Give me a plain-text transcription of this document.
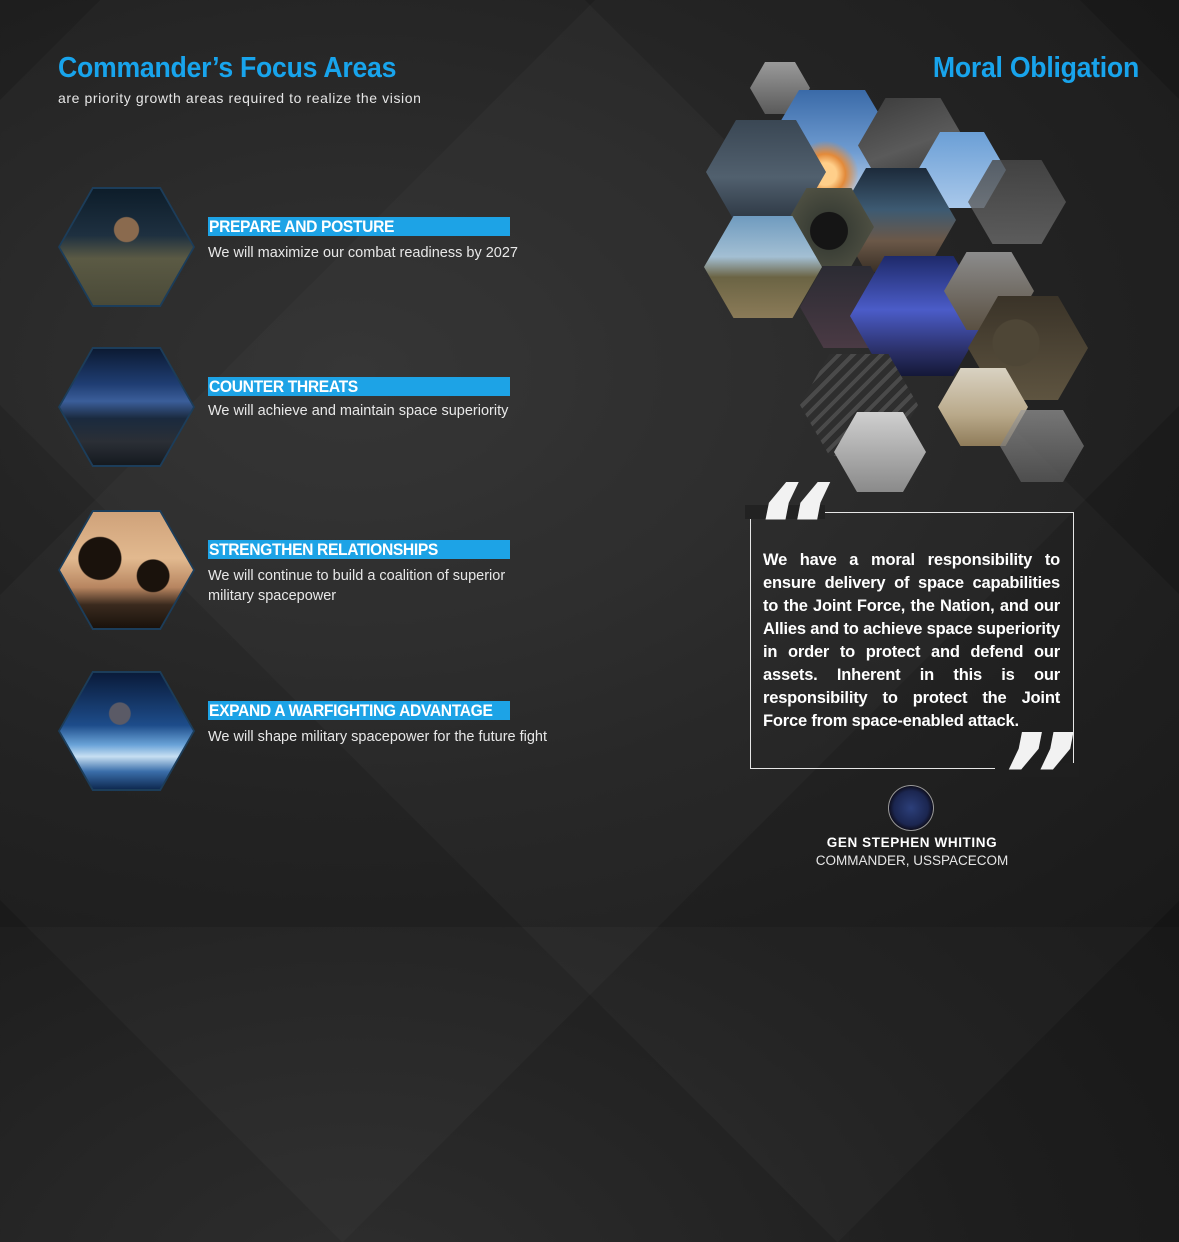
Commander’s Focus Areas
are priority growth areas required to realize the vision
PREPARE AND POSTURE
We will maximize our combat readiness by 2027
COUNTER THREATS
We will achieve and maintain space superiority
STRENGTHEN RELATIONSHIPS
We will continue to build a coalition of superior military spacepower
EXPAND A WARFIGHTING ADVANTAGE
We will shape military spacepower for the future fight
Moral Obligation
“
”
We have a moral responsibility to ensure delivery of space capabilities to the Joint Force, the Nation, and our Allies and to achieve space superiority in order to protect and defend our assets. Inherent in this is our responsibility to protect the Joint Force from space-enabled attack.
GEN STEPHEN WHITING
COMMANDER, USSPACECOM
